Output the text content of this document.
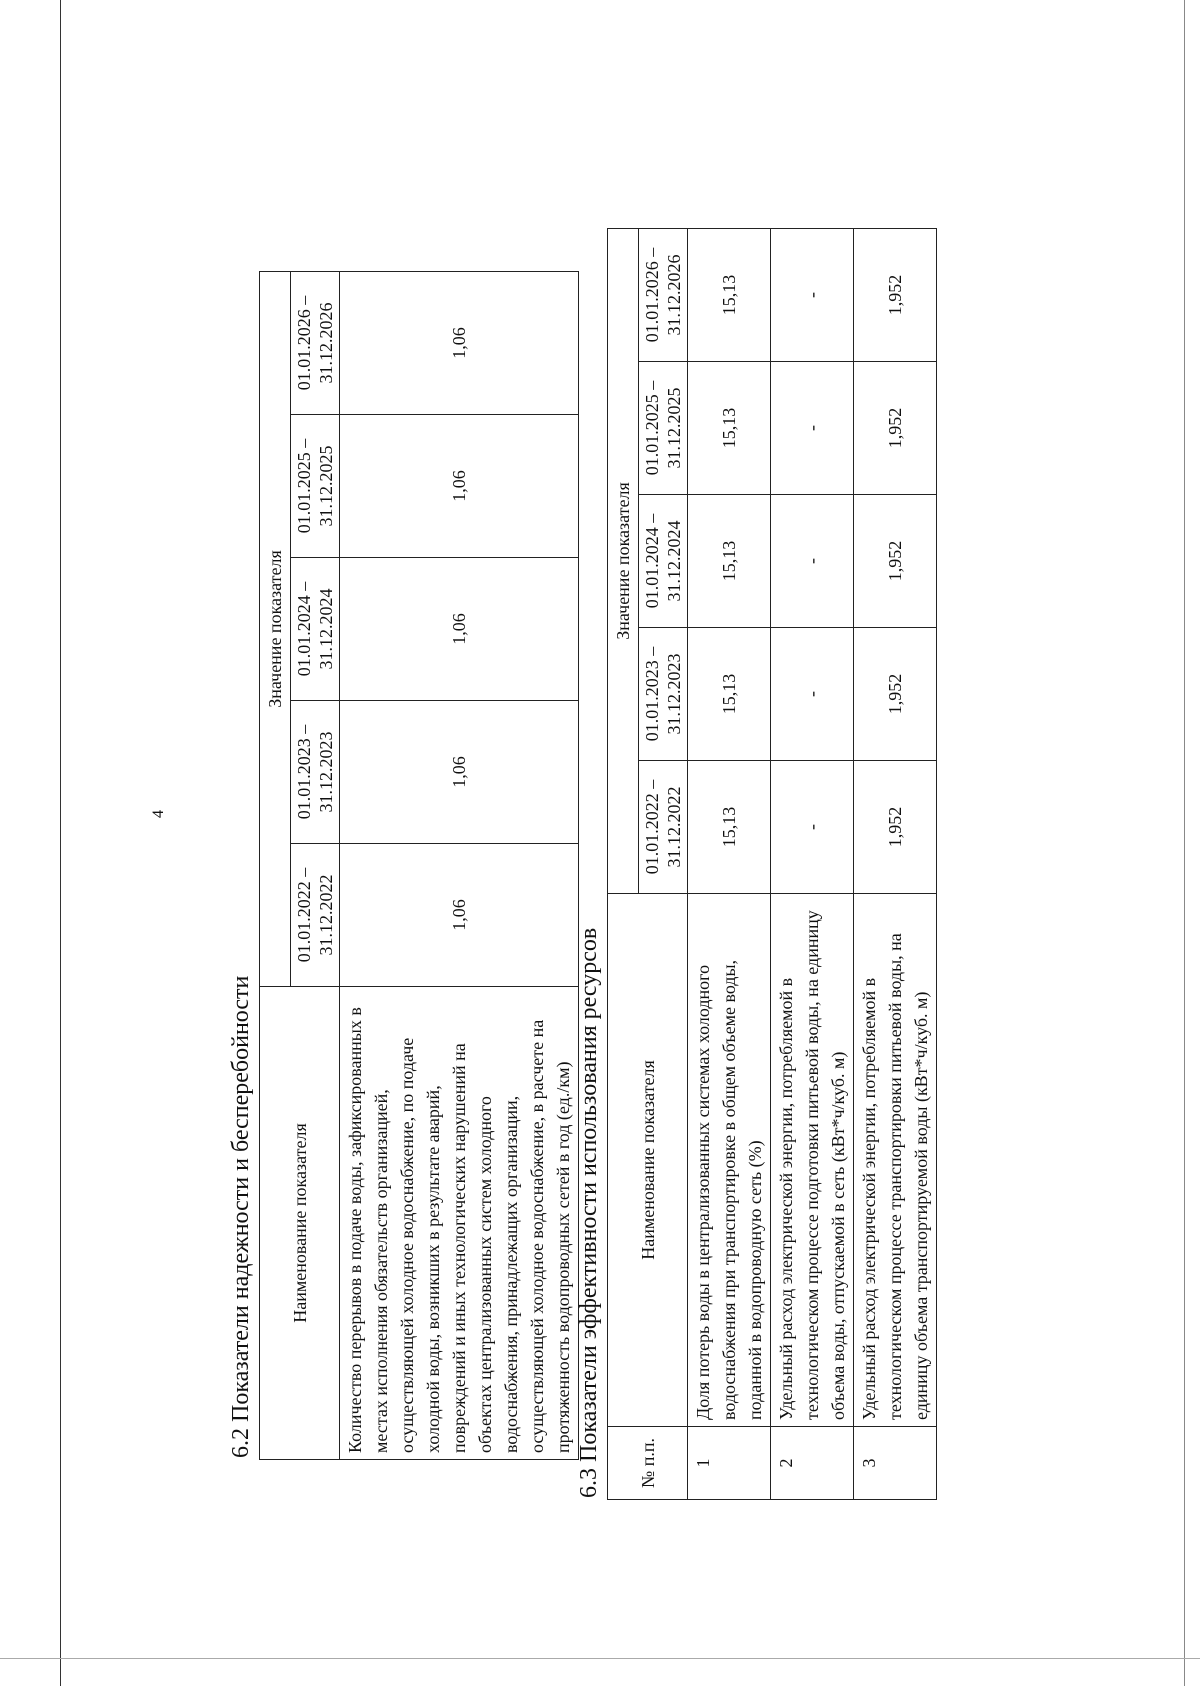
4
6.2 Показатели надежности и бесперебойности Наименование показателя	Значение показателя				
	01.01.2022 – 31.12.2022	01.01.2023 – 31.12.2023	01.01.2024 – 31.12.2024	01.01.2025 – 31.12.2025	01.01.2026 – 31.12.2026
Количество перерывов в подаче воды, зафиксированных в местах исполнения обязательств организацией, осуществляющей холодное водоснабжение, по подаче холодной воды, возникших в результате аварий, повреждений и иных технологических нарушений на объектах централизованных систем холодного водоснабжения, принадлежащих организации, осуществляющей холодное водоснабжение, в расчете на протяженность водопроводных сетей в год (ед./км)	1,06	1,06	1,06	1,06	1,06
6.3 Показатели эффективности использования ресурсов № п.п.	Наименование показателя	Значение показателя				
		01.01.2022 – 31.12.2022	01.01.2023 – 31.12.2023	01.01.2024 – 31.12.2024	01.01.2025 – 31.12.2025	01.01.2026 – 31.12.2026
1	Доля потерь воды в централизованных системах холодного водоснабжения при транспортировке в общем объеме воды, поданной в водопроводную сеть (%)	15,13	15,13	15,13	15,13	15,13
2	Удельный расход электрической энергии, потребляемой в технологическом процессе подготовки питьевой воды, на единицу объема воды, отпускаемой в сеть (кВт*ч/куб. м)	-	-	-	-	-
3	Удельный расход электрической энергии, потребляемой в технологическом процессе транспортировки питьевой воды, на единицу объема транспортируемой воды (кВт*ч/куб. м)	1,952	1,952	1,952	1,952	1,952
